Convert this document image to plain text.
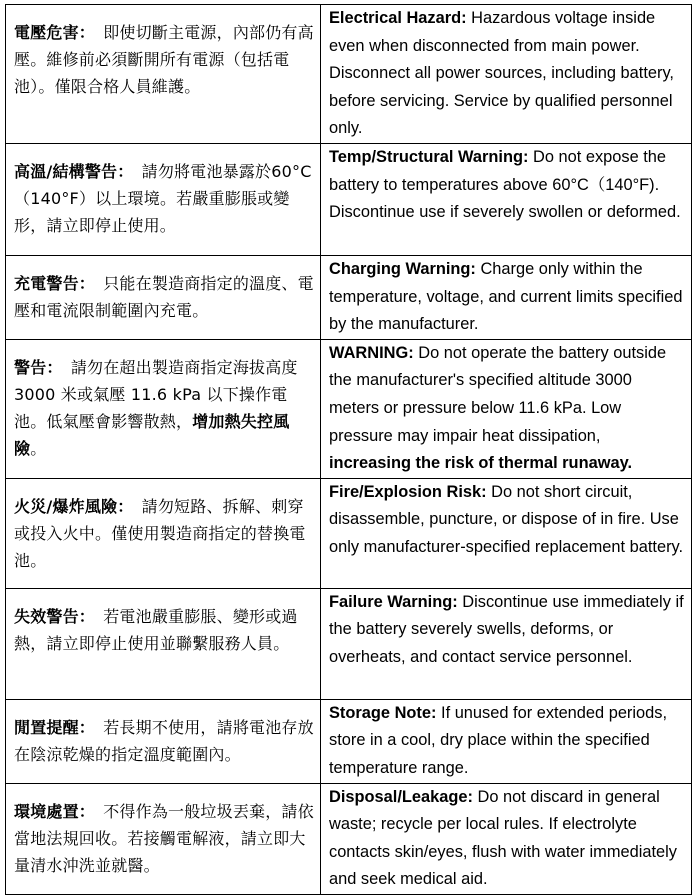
電壓危害：  即使切斷主電源，內部仍有高壓。維修前必須斷開所有電源（包括電池）。僅限合格人員維護。	Electrical Hazard: Hazardous voltage inside even when disconnected from main power. Disconnect all power sources, including battery, before servicing. Service by qualified personnel only.
高溫/結構警告：  請勿將電池暴露於60°C（140°F）以上環境。若嚴重膨脹或變形，請立即停止使用。	Temp/Structural Warning: Do not expose the battery to temperatures above 60°C（140°F). Discontinue use if severely swollen or deformed.
充電警告：  只能在製造商指定的溫度、電壓和電流限制範圍內充電。	Charging Warning: Charge only within the temperature, voltage, and current limits specified by the manufacturer.
警告：  請勿在超出製造商指定海拔高度 3000 米或氣壓 11.6 kPa 以下操作電池。低氣壓會影響散熱，增加熱失控風險。	WARNING: Do not operate the battery outside the manufacturer's specified altitude 3000 meters or pressure below 11.6 kPa. Low pressure may impair heat dissipation, increasing the risk of thermal runaway.
火災/爆炸風險：  請勿短路、拆解、刺穿或投入火中。僅使用製造商指定的替換電池。	Fire/Explosion Risk: Do not short circuit, disassemble, puncture, or dispose of in fire. Use only manufacturer-specified replacement battery.
失效警告：  若電池嚴重膨脹、變形或過熱，請立即停止使用並聯繫服務人員。	Failure Warning: Discontinue use immediately if the battery severely swells, deforms, or overheats, and contact service personnel.
閒置提醒：  若長期不使用，請將電池存放在陰涼乾燥的指定溫度範圍內。	Storage Note: If unused for extended periods, store in a cool, dry place within the specified temperature range.
環境處置：  不得作為一般垃圾丟棄，請依當地法規回收。若接觸電解液，請立即大量清水沖洗並就醫。	Disposal/Leakage: Do not discard in general waste; recycle per local rules. If electrolyte contacts skin/eyes, flush with water immediately and seek medical aid.
